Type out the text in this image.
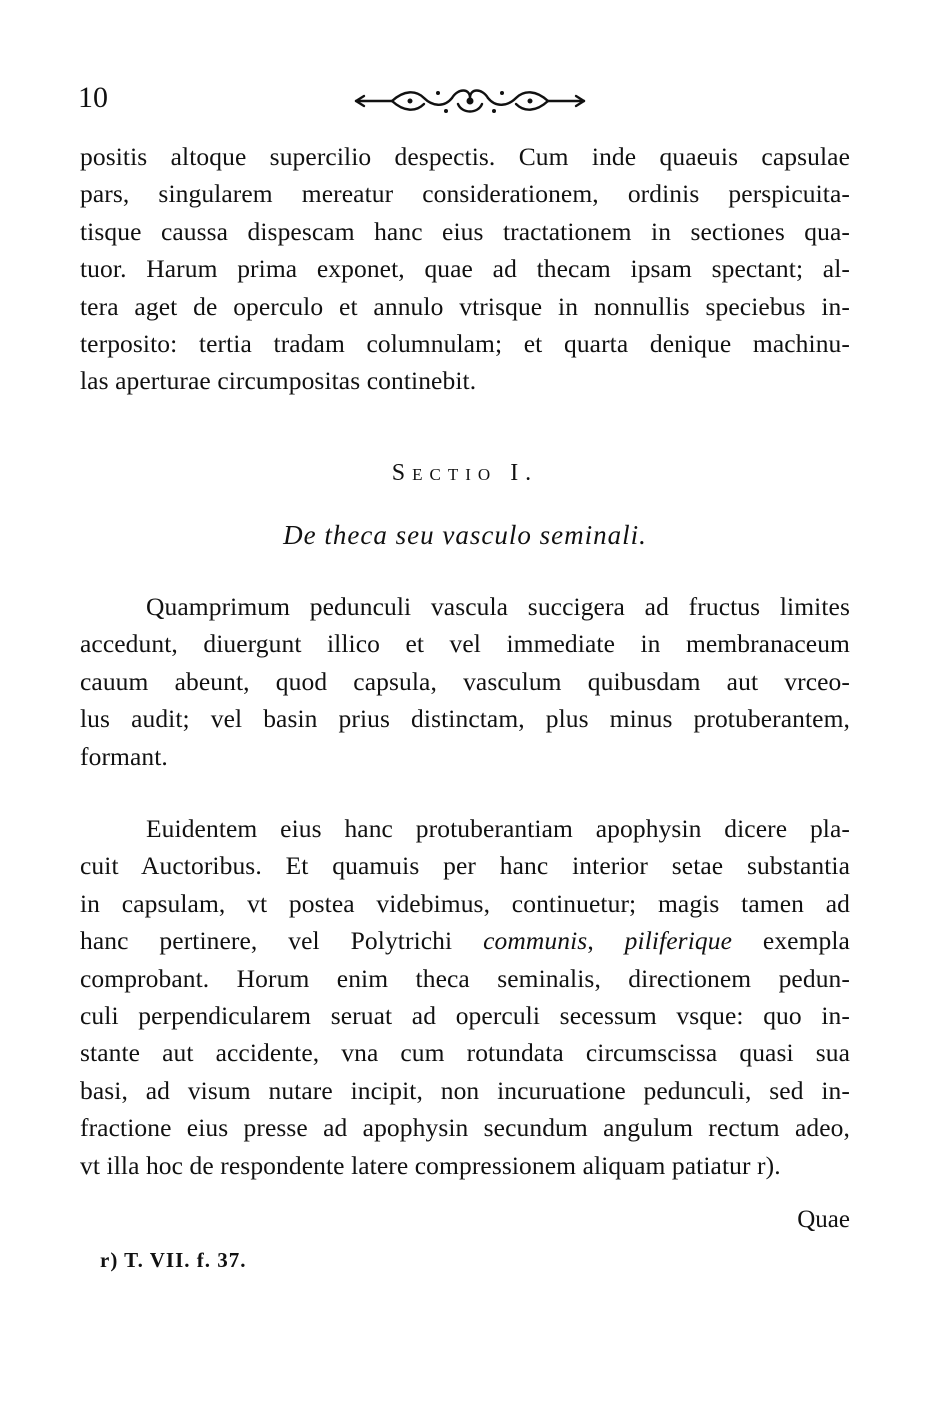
10
positis altoque supercilio despectis. Cum inde quaeuis capsulae
pars, singularem mereatur considerationem, ordinis perspicuita-
tisque caussa dispescam hanc eius tractationem in sectiones qua-
tuor. Harum prima exponet, quae ad thecam ipsam spectant; al-
tera aget de operculo et annulo vtrisque in nonnullis speciebus in-
terposito: tertia tradam columnulam; et quarta denique machinu-
las aperturae circumpositas continebit.
Sectio I.
De theca seu vasculo seminali.
Quamprimum pedunculi vascula succigera ad fructus limites
accedunt, diuergunt illico et vel immediate in membranaceum
cauum abeunt, quod capsula, vasculum quibusdam aut vrceo-
lus audit; vel basin prius distinctam, plus minus protuberantem,
formant.
Euidentem eius hanc protuberantiam apophysin dicere pla-
cuit Auctoribus. Et quamuis per hanc interior setae substantia
in capsulam, vt postea videbimus, continuetur; magis tamen ad
hanc pertinere, vel Polytrichi communis, piliferique exempla
comprobant. Horum enim theca seminalis, directionem pedun-
culi perpendicularem seruat ad operculi secessum vsque: quo in-
stante aut accidente, vna cum rotundata circumscissa quasi sua
basi, ad visum nutare incipit, non incuruatione pedunculi, sed in-
fractione eius presse ad apophysin secundum angulum rectum adeo,
vt illa hoc de respondente latere compressionem aliquam patiatur r).
Quae
r) T. VII. f. 37.
